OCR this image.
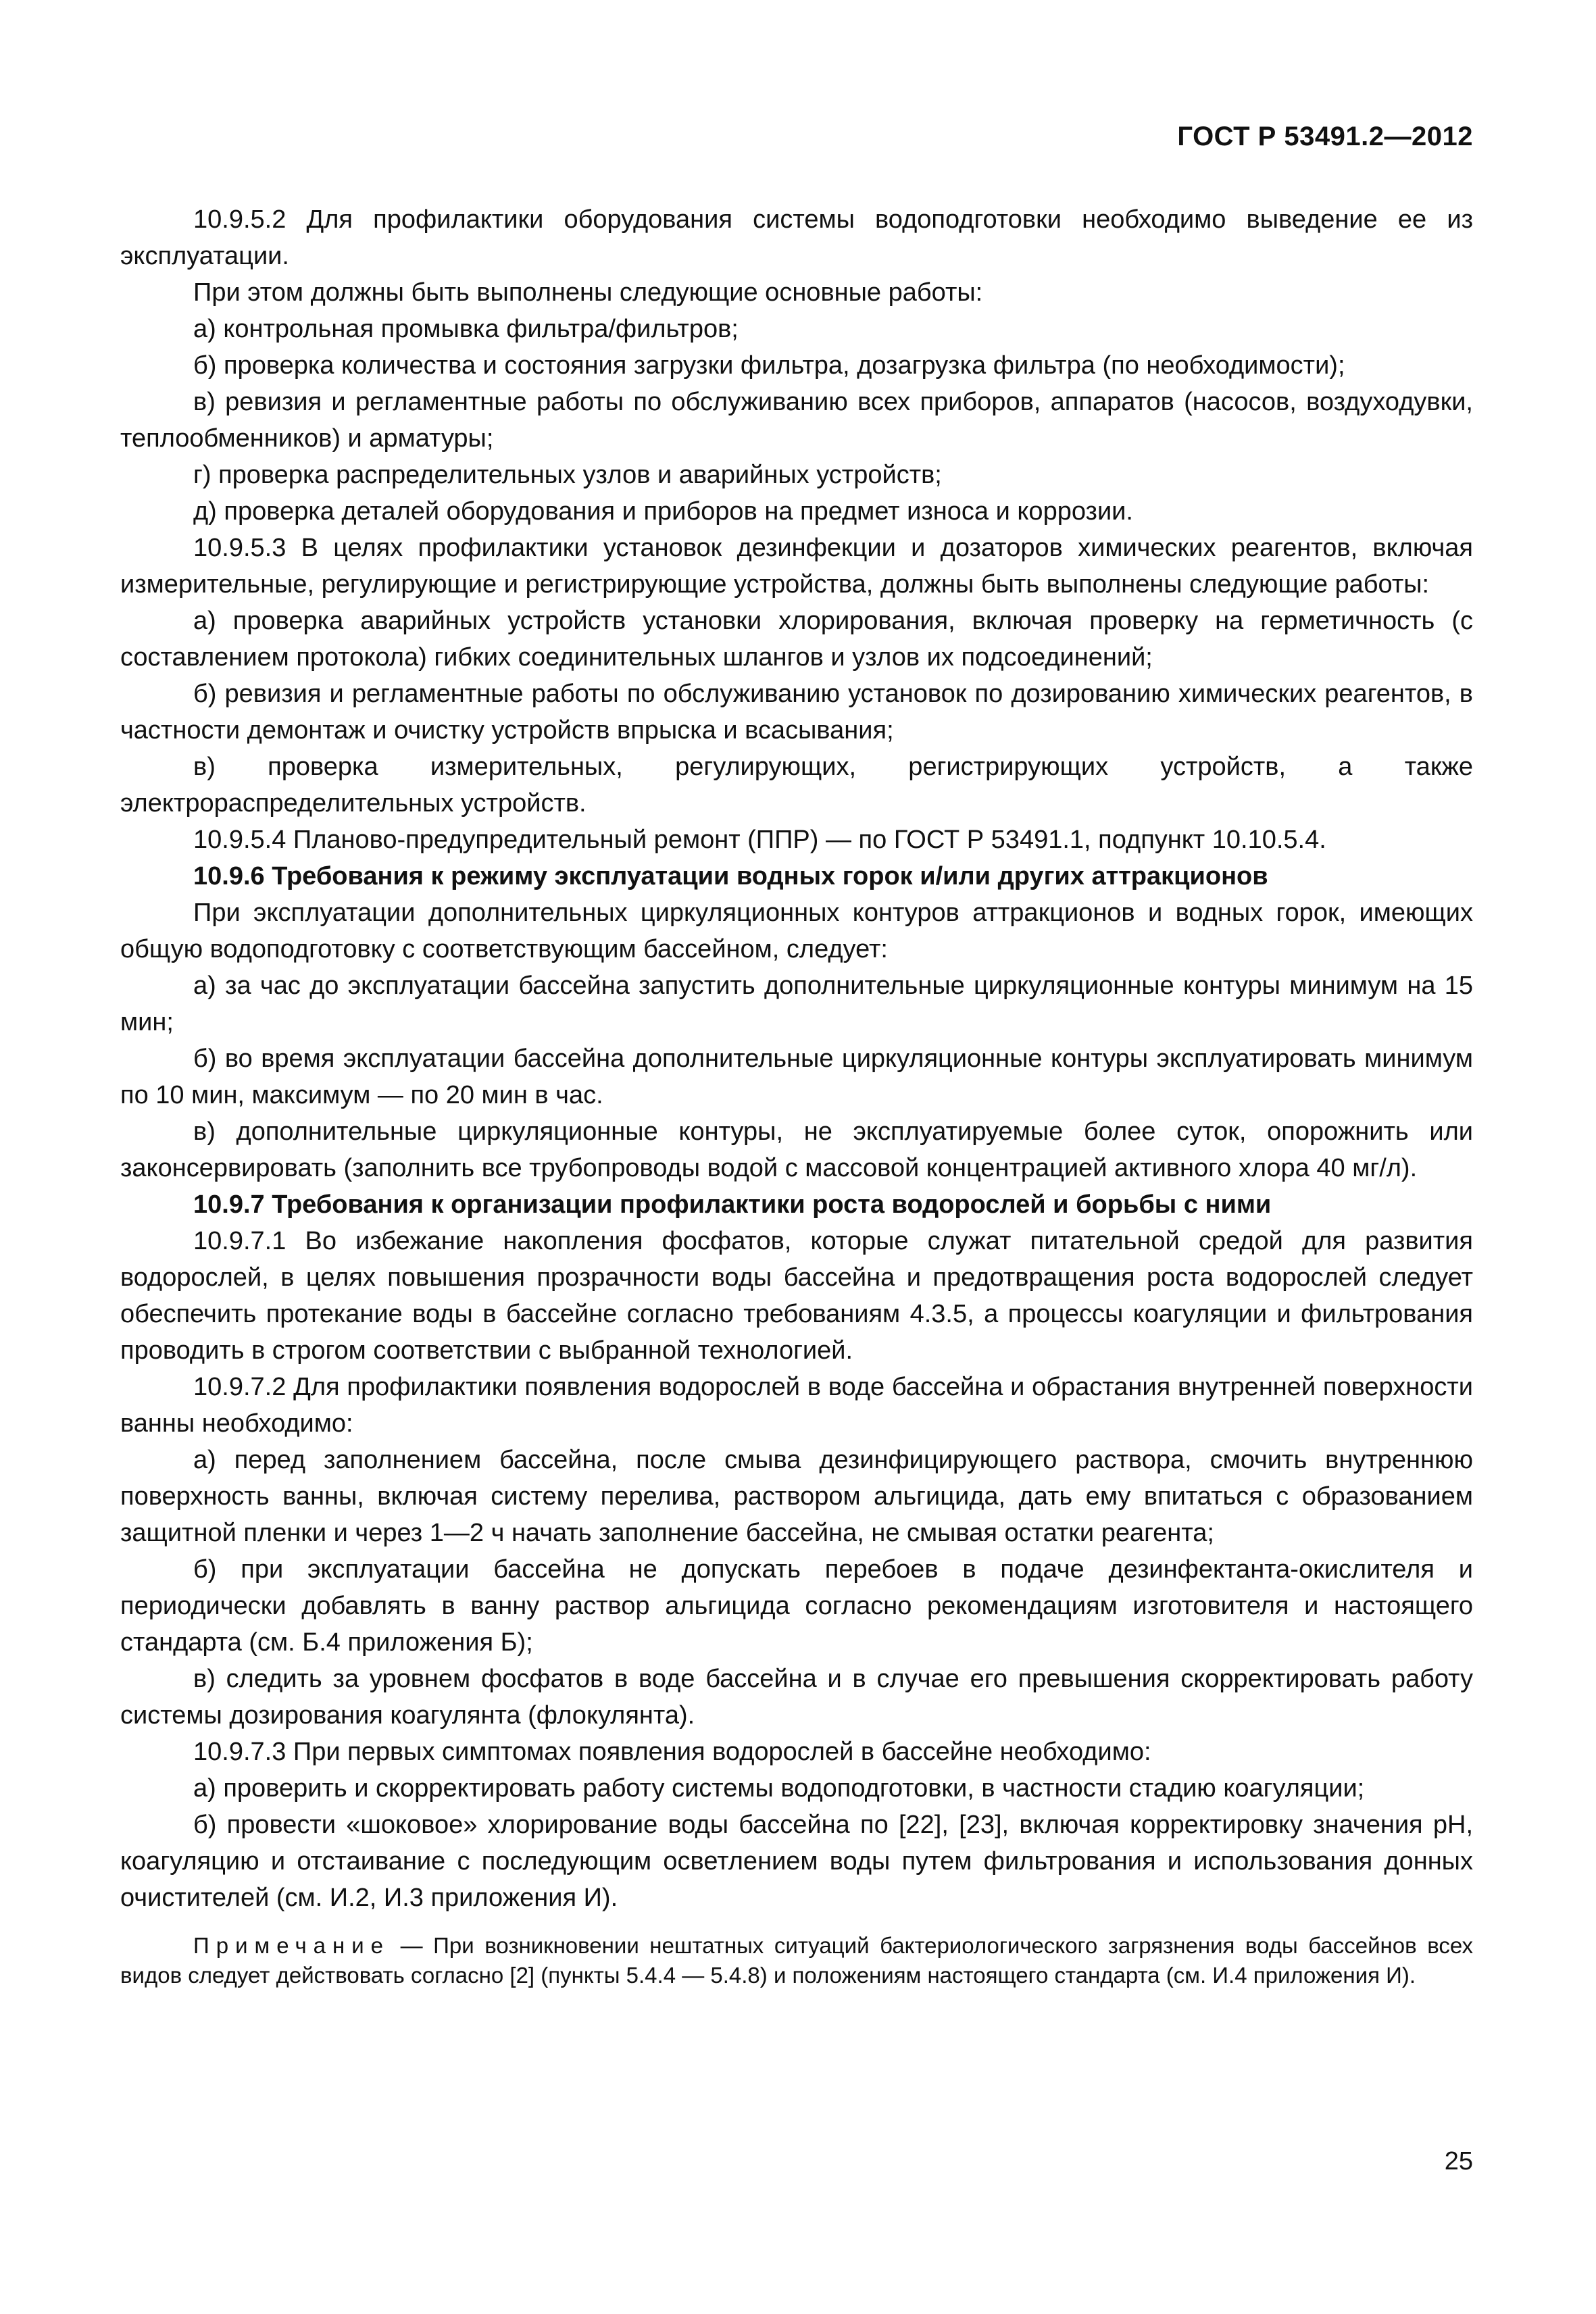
ГОСТ Р 53491.2—2012

10.9.5.2 Для профилактики оборудования системы водоподготовки необходимо выведение ее из эксплуатации.

При этом должны быть выполнены следующие основные работы:

а) контрольная промывка фильтра/фильтров;

б) проверка количества и состояния загрузки фильтра, дозагрузка фильтра (по необходимости);

в) ревизия и регламентные работы по обслуживанию всех приборов, аппаратов (насосов, воздуходувки, теплообменников) и арматуры;

г) проверка распределительных узлов и аварийных устройств;

д) проверка деталей оборудования и приборов на предмет износа и коррозии.

10.9.5.3 В целях профилактики установок дезинфекции и дозаторов химических реагентов, включая измерительные, регулирующие и регистрирующие устройства, должны быть выполнены следующие работы:

а) проверка аварийных устройств установки хлорирования, включая проверку на герметичность (с составлением протокола) гибких соединительных шлангов и узлов их подсоединений;

б) ревизия и регламентные работы по обслуживанию установок по дозированию химических реагентов, в частности демонтаж и очистку устройств впрыска и всасывания;

в) проверка измерительных, регулирующих, регистрирующих устройств, а также электрораспределительных устройств.

10.9.5.4 Планово-предупредительный ремонт (ППР) — по ГОСТ Р 53491.1, подпункт 10.10.5.4.

10.9.6 Требования к режиму эксплуатации водных горок и/или других аттракционов

При эксплуатации дополнительных циркуляционных контуров аттракционов и водных горок, имеющих общую водоподготовку с соответствующим бассейном, следует:

а) за час до эксплуатации бассейна запустить дополнительные циркуляционные контуры минимум на 15 мин;

б) во время эксплуатации бассейна дополнительные циркуляционные контуры эксплуатировать минимум по 10 мин, максимум — по 20 мин в час.

в) дополнительные циркуляционные контуры, не эксплуатируемые более суток, опорожнить или законсервировать (заполнить все трубопроводы водой с массовой концентрацией активного хлора 40 мг/л).

10.9.7 Требования к организации профилактики роста водорослей и борьбы с ними

10.9.7.1 Во избежание накопления фосфатов, которые служат питательной средой для развития водорослей, в целях повышения прозрачности воды бассейна и предотвращения роста водорослей следует обеспечить протекание воды в бассейне согласно требованиям 4.3.5, а процессы коагуляции и фильтрования проводить в строгом соответствии с выбранной технологией.

10.9.7.2 Для профилактики появления водорослей в воде бассейна и обрастания внутренней поверхности ванны необходимо:

а) перед заполнением бассейна, после смыва дезинфицирующего раствора, смочить внутреннюю поверхность ванны, включая систему перелива, раствором альгицида, дать ему впитаться с образованием защитной пленки и через 1—2 ч начать заполнение бассейна, не смывая остатки реагента;

б) при эксплуатации бассейна не допускать перебоев в подаче дезинфектанта-окислителя и периодически добавлять в ванну раствор альгицида согласно рекомендациям изготовителя и настоящего стандарта (см. Б.4 приложения Б);

в) следить за уровнем фосфатов в воде бассейна и в случае его превышения скорректировать работу системы дозирования коагулянта (флокулянта).

10.9.7.3 При первых симптомах появления водорослей в бассейне необходимо:

а) проверить и скорректировать работу системы водоподготовки, в частности стадию коагуляции;

б) провести «шоковое» хлорирование воды бассейна по [22], [23], включая корректировку значения pH, коагуляцию и отстаивание с последующим осветлением воды путем фильтрования и использования донных очистителей (см. И.2, И.3 приложения И).

Примечание — При возникновении нештатных ситуаций бактериологического загрязнения воды бассейнов всех видов следует действовать согласно [2] (пункты 5.4.4 — 5.4.8) и положениям настоящего стандарта (см. И.4 приложения И).

25
